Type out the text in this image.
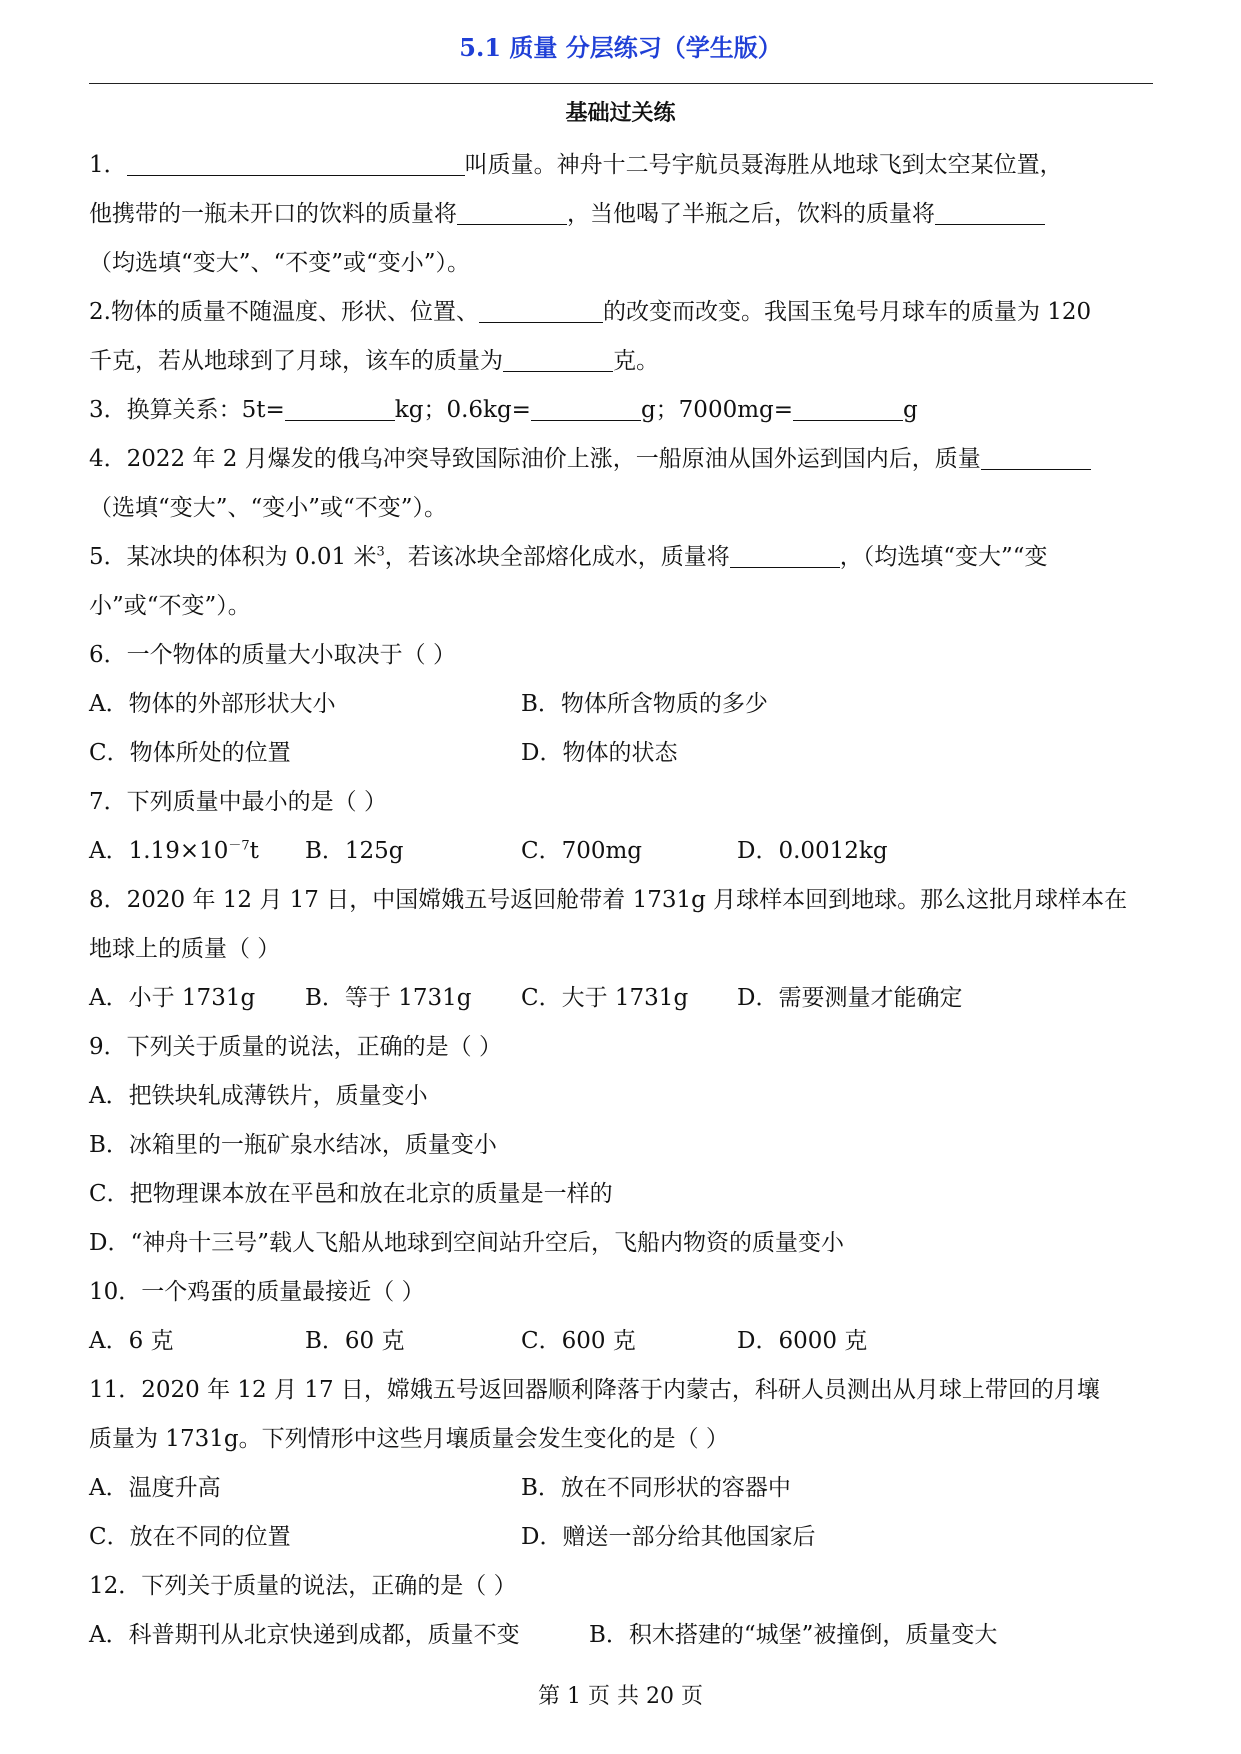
5.1 质量 分层练习（学生版）
基础过关练
1．	叫质量。神舟十二号宇航员聂海胜从地球飞到太空某位置，
他携带的一瓶未开口的饮料的质量将	，当他喝了半瓶之后，饮料的质量将
（均选填“变大”、“不变”或“变小”）。
2.物体的质量不随温度、形状、位置、	的改变而改变。我国玉兔号月球车的质量为 120
千克，若从地球到了月球，该车的质量为	克。
3．换算关系：5t=	kg；0.6kg=	g；7000mg=	g
4．2022 年 2 月爆发的俄乌冲突导致国际油价上涨，一船原油从国外运到国内后，质量
（选填“变大”、“变小”或“不变”）。
5．某冰块的体积为 0.01 米$^3$，若该冰块全部熔化成水，质量将	，（均选填“变大”“变
小”或“不变”）。
6．一个物体的质量大小取决于（ ）
A．物体的外部形状大小	B．物体所含物质的多少
C．物体所处的位置	D．物体的状态
7．下列质量中最小的是（ ）
A．$1.19\times 10^{-7}t$	B．125g	C．700mg	D．0.0012kg
8．2020 年 12 月 17 日，中国嫦娥五号返回舱带着 1731g 月球样本回到地球。那么这批月球样本在
地球上的质量（ ）
A．小于 1731g	B．等于 1731g	C．大于 1731g	D．需要测量才能确定
9．下列关于质量的说法，正确的是（ ）
A．把铁块轧成薄铁片，质量变小
B．冰箱里的一瓶矿泉水结冰，质量变小
C．把物理课本放在平邑和放在北京的质量是一样的
D．“神舟十三号”载人飞船从地球到空间站升空后，飞船内物资的质量变小
10．一个鸡蛋的质量最接近（ ）
A．6 克	B．60 克	C．600 克	D．6000 克
11．2020 年 12 月 17 日，嫦娥五号返回器顺利降落于内蒙古，科研人员测出从月球上带回的月壤
质量为 1731g。下列情形中这些月壤质量会发生变化的是（ ）
A．温度升高	B．放在不同形状的容器中
C．放在不同的位置	D．赠送一部分给其他国家后
12．下列关于质量的说法，正确的是（ ）
A．科普期刊从北京快递到成都，质量不变	B．积木搭建的“城堡”被撞倒，质量变大
第 1 页 共 20 页
